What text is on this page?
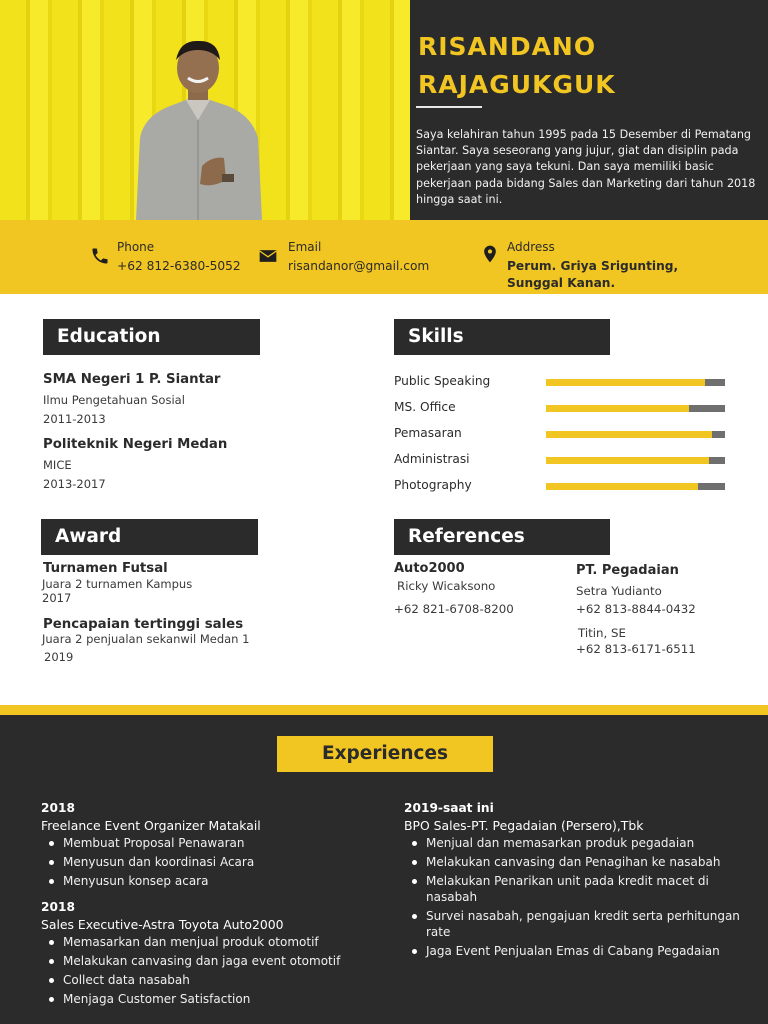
RISANDANO
RAJAGUKGUK
Saya kelahiran tahun 1995 pada 15 Desember di Pematang Siantar. Saya seseorang yang jujur, giat dan disiplin pada pekerjaan yang saya tekuni. Dan saya memiliki basic pekerjaan pada bidang Sales dan Marketing dari tahun 2018 hingga saat ini.
Phone
+62 812-6380-5052
Email
risandanor@gmail.com
Address
Perum. Griya Srigunting,
Sunggal Kanan.
Education
SMA Negeri 1 P. Siantar
Ilmu Pengetahuan Sosial
2011-2013
Politeknik Negeri Medan
MICE
2013-2017
Skills
Public Speaking
MS. Office
Pemasaran
Administrasi
Photography
Award
Turnamen Futsal
Juara 2 turnamen Kampus
2017
Pencapaian tertinggi sales
Juara 2 penjualan sekanwil Medan 1
2019
References
Auto2000
Ricky Wicaksono
+62 821-6708-8200
PT. Pegadaian
Setra Yudianto
+62 813-8844-0432
Titin, SE
+62 813-6171-6511
Experiences
2018
Freelance Event Organizer Matakail
Membuat Proposal Penawaran
Menyusun dan koordinasi Acara
Menyusun konsep acara
2018
Sales Executive-Astra Toyota Auto2000
Memasarkan dan menjual produk otomotif
Melakukan canvasing dan jaga event otomotif
Collect data nasabah
Menjaga Customer Satisfaction
2019-saat ini
BPO Sales-PT. Pegadaian (Persero),Tbk
Menjual dan memasarkan produk pegadaian
Melakukan canvasing dan Penagihan ke nasabah
Melakukan Penarikan unit pada kredit macet di nasabah
Survei nasabah, pengajuan kredit serta perhitungan rate
Jaga Event Penjualan Emas di Cabang Pegadaian
